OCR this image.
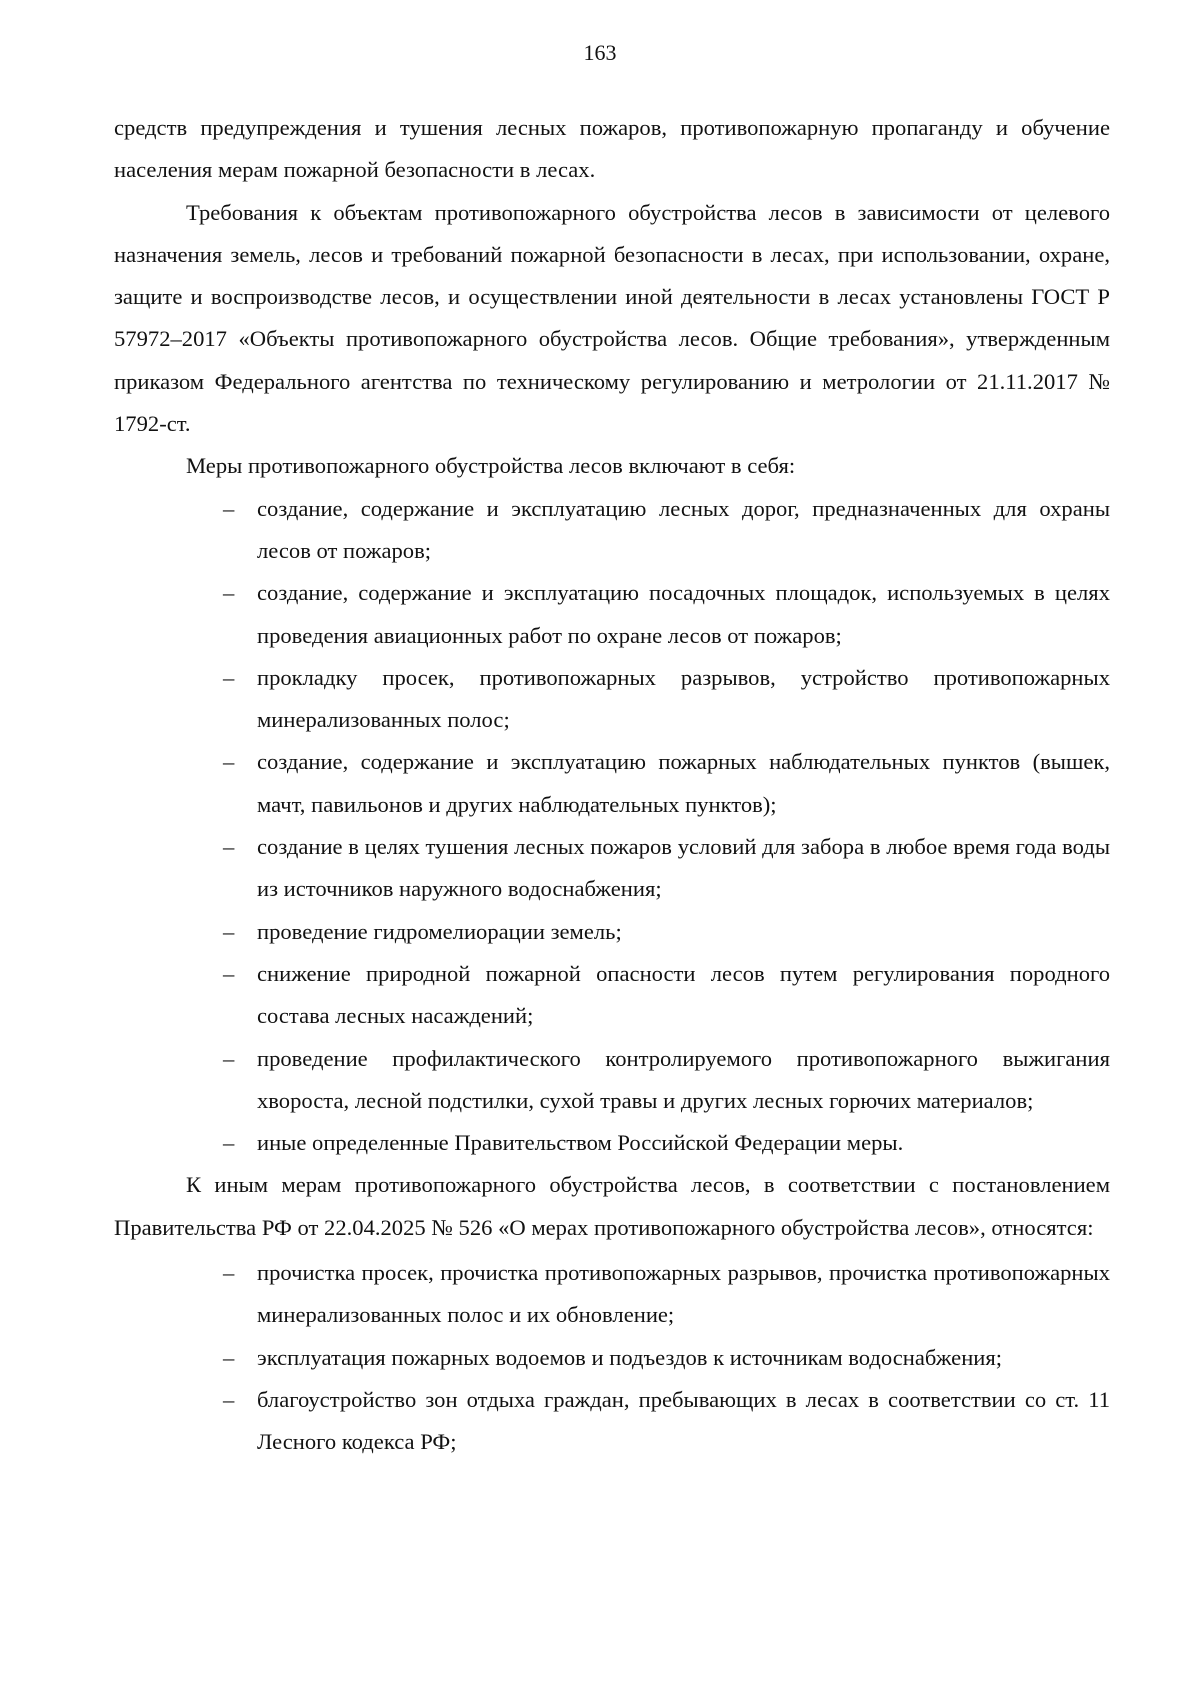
163

средств предупреждения и тушения лесных пожаров, противопожарную пропаганду и обучение населения мерам пожарной безопасности в лесах.

Требования к объектам противопожарного обустройства лесов в зависимости от целевого назначения земель, лесов и требований пожарной безопасности в лесах, при использовании, охране, защите и воспроизводстве лесов, и осуществлении иной деятельности в лесах установлены ГОСТ Р 57972–2017 «Объекты противопожарного обустройства лесов. Общие требования», утвержденным приказом Федерального агентства по техническому регулированию и метрологии от 21.11.2017 № 1792-ст.

Меры противопожарного обустройства лесов включают в себя:

– создание, содержание и эксплуатацию лесных дорог, предназначенных для охраны лесов от пожаров;
– создание, содержание и эксплуатацию посадочных площадок, используемых в целях проведения авиационных работ по охране лесов от пожаров;
– прокладку просек, противопожарных разрывов, устройство противопожарных минерализованных полос;
– создание, содержание и эксплуатацию пожарных наблюдательных пунктов (вышек, мачт, павильонов и других наблюдательных пунктов);
– создание в целях тушения лесных пожаров условий для забора в любое время года воды из источников наружного водоснабжения;
– проведение гидромелиорации земель;
– снижение природной пожарной опасности лесов путем регулирования породного состава лесных насаждений;
– проведение профилактического контролируемого противопожарного выжигания хвороста, лесной подстилки, сухой травы и других лесных горючих материалов;
– иные определенные Правительством Российской Федерации меры.

К иным мерам противопожарного обустройства лесов, в соответствии с постановлением Правительства РФ от 22.04.2025 № 526 «О мерах противопожарного обустройства лесов», относятся:

– прочистка просек, прочистка противопожарных разрывов, прочистка противопожарных минерализованных полос и их обновление;
– эксплуатация пожарных водоемов и подъездов к источникам водоснабжения;
– благоустройство зон отдыха граждан, пребывающих в лесах в соответствии со ст. 11 Лесного кодекса РФ;
